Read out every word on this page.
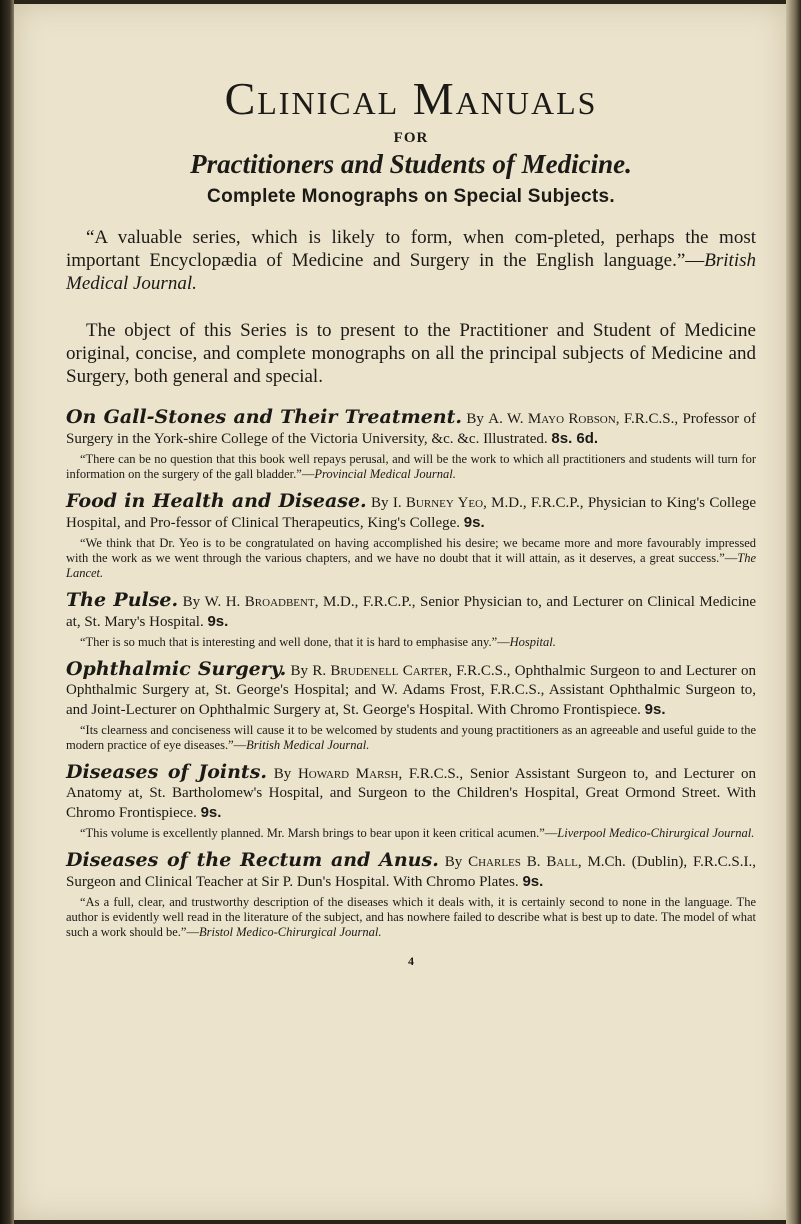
Clinical Manuals
FOR
Practitioners and Students of Medicine.
Complete Monographs on Special Subjects.

“A valuable series, which is likely to form, when com-pleted, perhaps the most important Encyclopædia of Medicine and Surgery in the English language.”—British Medical Journal.

The object of this Series is to present to the Practitioner and Student of Medicine original, concise, and complete monographs on all the principal subjects of Medicine and Surgery, both general and special.

On Gall-Stones and Their Treatment. By A. W. Mayo Robson, F.R.C.S., Professor of Surgery in the York-shire College of the Victoria University, &c. &c. Illustrated. 8s. 6d.

“There can be no question that this book well repays perusal, and will be the work to which all practitioners and students will turn for information on the surgery of the gall bladder.”—Provincial Medical Journal.

Food in Health and Disease. By I. Burney Yeo, M.D., F.R.C.P., Physician to King's College Hospital, and Pro-fessor of Clinical Therapeutics, King's College. 9s.

“We think that Dr. Yeo is to be congratulated on having accomplished his desire; we became more and more favourably impressed with the work as we went through the various chapters, and we have no doubt that it will attain, as it deserves, a great success.”—The Lancet.

The Pulse. By W. H. Broadbent, M.D., F.R.C.P., Senior Physician to, and Lecturer on Clinical Medicine at, St. Mary's Hospital. 9s.

“Ther is so much that is interesting and well done, that it is hard to emphasise any.”—Hospital.

Ophthalmic Surgery. By R. Brudenell Carter, F.R.C.S., Ophthalmic Surgeon to and Lecturer on Ophthalmic Surgery at, St. George's Hospital; and W. Adams Frost, F.R.C.S., Assistant Ophthalmic Surgeon to, and Joint-Lecturer on Ophthalmic Surgery at, St. George's Hospital. With Chromo Frontispiece. 9s.

“Its clearness and conciseness will cause it to be welcomed by students and young practitioners as an agreeable and useful guide to the modern practice of eye diseases.”—British Medical Journal.

Diseases of Joints. By Howard Marsh, F.R.C.S., Senior Assistant Surgeon to, and Lecturer on Anatomy at, St. Bartholomew's Hospital, and Surgeon to the Children's Hospital, Great Ormond Street. With Chromo Frontispiece. 9s.

“This volume is excellently planned. Mr. Marsh brings to bear upon it keen critical acumen.”—Liverpool Medico-Chirurgical Journal.

Diseases of the Rectum and Anus. By Charles B. Ball, M.Ch. (Dublin), F.R.C.S.I., Surgeon and Clinical Teacher at Sir P. Dun's Hospital. With Chromo Plates. 9s.

“As a full, clear, and trustworthy description of the diseases which it deals with, it is certainly second to none in the language. The author is evidently well read in the literature of the subject, and has nowhere failed to describe what is best up to date. The model of what such a work should be.”—Bristol Medico-Chirurgical Journal.

4
